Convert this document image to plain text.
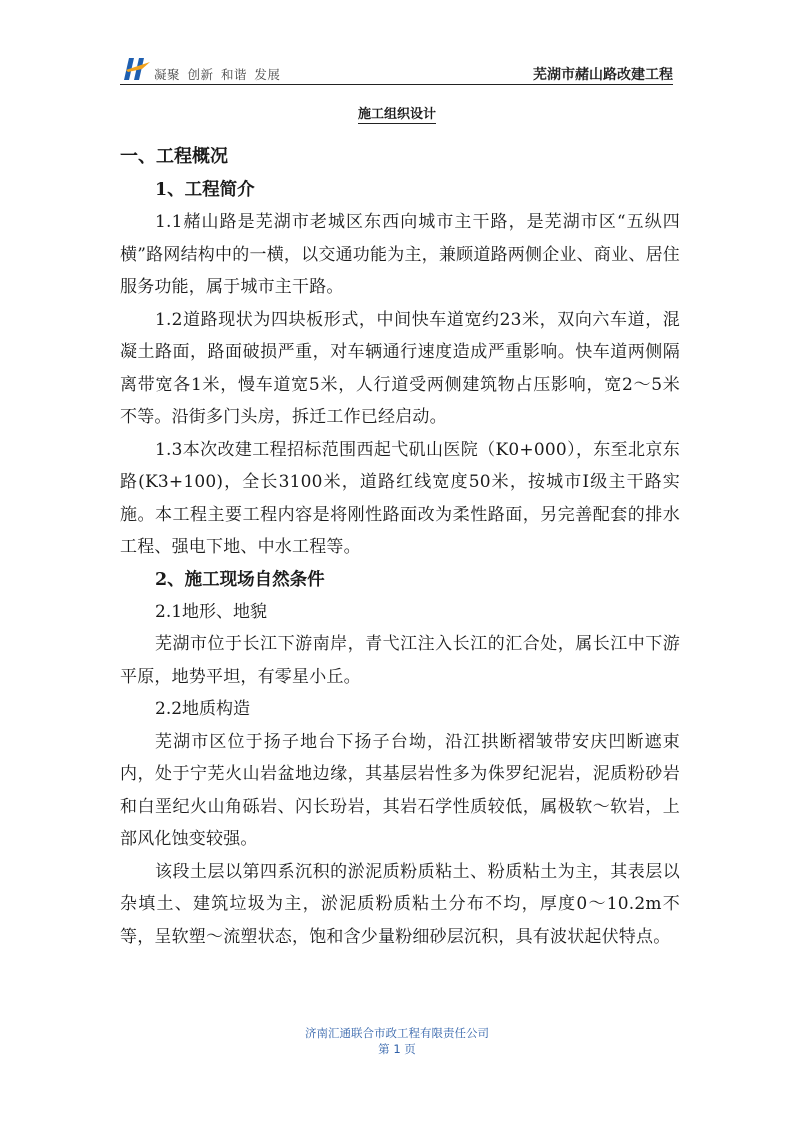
凝聚 创新 和谐 发展	芜湖市赭山路改建工程
施工组织设计
一、工程概况
1、工程简介

1.1赭山路是芜湖市老城区东西向城市主干路，是芜湖市区“五纵四横”路网结构中的一横，以交通功能为主，兼顾道路两侧企业、商业、居住服务功能，属于城市主干路。

1.2道路现状为四块板形式，中间快车道宽约23米，双向六车道，混凝土路面，路面破损严重，对车辆通行速度造成严重影响。快车道两侧隔离带宽各1米，慢车道宽5米，人行道受两侧建筑物占压影响，宽2～5米不等。沿街多门头房，拆迁工作已经启动。

1.3本次改建工程招标范围西起弋矶山医院（K0+000），东至北京东路(K3+100)，全长3100米，道路红线宽度50米，按城市I级主干路实施。本工程主要工程内容是将刚性路面改为柔性路面，另完善配套的排水工程、强电下地、中水工程等。

2、施工现场自然条件

2.1地形、地貌

芜湖市位于长江下游南岸，青弋江注入长江的汇合处，属长江中下游平原，地势平坦，有零星小丘。

2.2地质构造

芜湖市区位于扬子地台下扬子台坳，沿江拱断褶皱带安庆凹断遮束内，处于宁芜火山岩盆地边缘，其基层岩性多为侏罗纪泥岩，泥质粉砂岩和白垩纪火山角砾岩、闪长玢岩，其岩石学性质较低，属极软～软岩，上部风化蚀变较强。

该段土层以第四系沉积的淤泥质粉质粘土、粉质粘土为主，其表层以杂填土、建筑垃圾为主，淤泥质粉质粘土分布不均，厚度0～10.2m不等，呈软塑～流塑状态，饱和含少量粉细砂层沉积，具有波状起伏特点。

济南汇通联合市政工程有限责任公司
第 1 页
